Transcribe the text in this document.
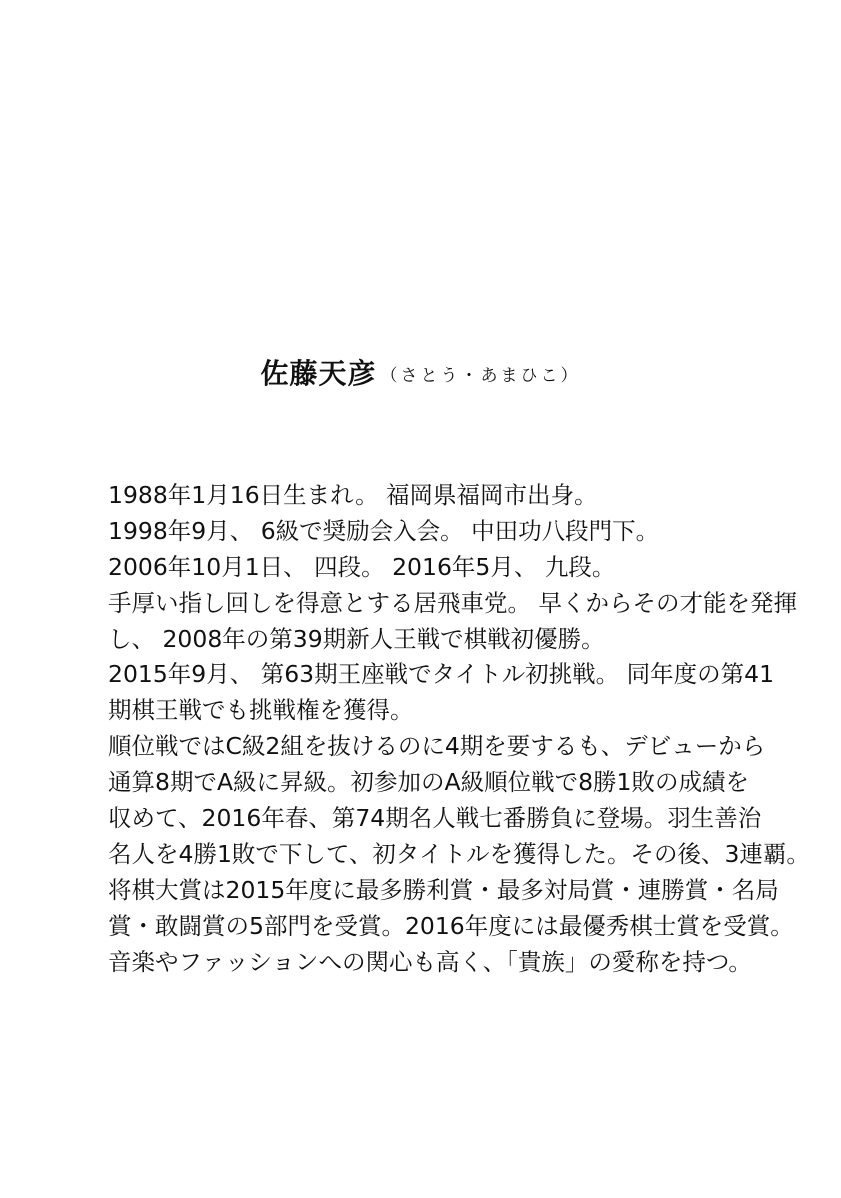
佐藤天彦 （さとう・あまひこ）
1988年1月16日生まれ。 福岡県福岡市出身。
1998年9月、 6級で奨励会入会。 中田功八段門下。
2006年10月1日、 四段。 2016年5月、 九段。
手厚い指し回しを得意とする居飛車党。 早くからその才能を発揮
し、 2008年の第39期新人王戦で棋戦初優勝。
2015年9月、 第63期王座戦でタイトル初挑戦。 同年度の第41
期棋王戦でも挑戦権を獲得。
順位戦ではC級2組を抜けるのに4期を要するも、デビューから
通算8期でA級に昇級。初参加のA級順位戦で8勝1敗の成績を
収めて、2016年春、第74期名人戦七番勝負に登場。羽生善治
名人を4勝1敗で下して、初タイトルを獲得した。その後、3連覇。
将棋大賞は2015年度に最多勝利賞・最多対局賞・連勝賞・名局
賞・敢闘賞の5部門を受賞。2016年度には最優秀棋士賞を受賞。
音楽やファッションへの関心も高く、「貴族」の愛称を持つ。
